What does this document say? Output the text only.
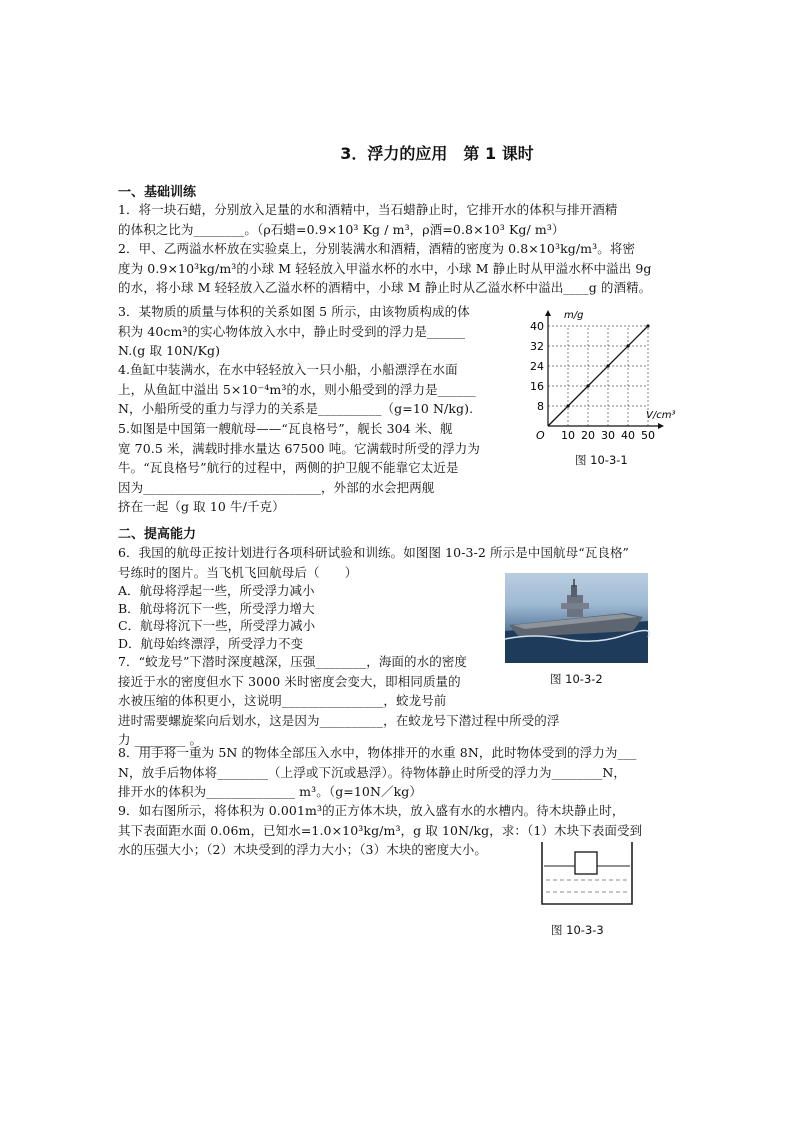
3．浮力的应用　第 1 课时
一、基础训练
1．将一块石蜡，分别放入足量的水和酒精中，当石蜡静止时，它排开水的体积与排开酒精
的体积之比为________。（ρ石蜡=0.9×10³ Kg / m³，ρ酒=0.8×10³ Kg/ m³）
2．甲、乙两溢水杯放在实验桌上，分别装满水和酒精，酒精的密度为 0.8×10³kg/m³。将密
度为 0.9×10³kg/m³的小球 M 轻轻放入甲溢水杯的水中，小球 M 静止时从甲溢水杯中溢出 9g
的水，将小球 M 轻轻放入乙溢水杯的酒精中，小球 M 静止时从乙溢水杯中溢出____g 的酒精。
3．某物质的质量与体积的关系如图 5 所示，由该物质构成的体
积为 40cm³的实心物体放入水中，静止时受到的浮力是______
N.(g 取 10N/Kg)
4.鱼缸中装满水，在水中轻轻放入一只小船，小船漂浮在水面
上，从鱼缸中溢出 5×10⁻⁴m³的水，则小船受到的浮力是______
N，小船所受的重力与浮力的关系是__________（g=10 N/kg).
5.如图是中国第一艘航母——“瓦良格号”，舰长 304 米、舰
宽 70.5 米，满载时排水量达 67500 吨。它满载时所受的浮力为
牛。“瓦良格号”航行的过程中，两侧的护卫舰不能靠它太近是
因为____________________________，外部的水会把两舰
挤在一起（g 取 10 牛/千克）
10 20 30 40 50
8
16
24
32
40
O
m/g
V/cm³
图 10-3-1
二、提高能力
6．我国的航母正按计划进行各项科研试验和训练。如图图 10-3-2 所示是中国航母“瓦良格”
号练时的图片。当飞机飞回航母后（　　）
A．航母将浮起一些，所受浮力减小
B．航母将沉下一些，所受浮力增大
C．航母将沉下一些，所受浮力减小
D．航母始终漂浮，所受浮力不变
图 10-3-2
7．“蛟龙号”下潜时深度越深，压强________，海面的水的密度
接近于水的密度但水下 3000 米时密度会变大，即相同质量的
水被压缩的体积更小，这说明________________，蛟龙号前
进时需要螺旋桨向后划水，这是因为__________，在蛟龙号下潜过程中所受的浮
力 ________ 。
8．用手将一重为 5N 的物体全部压入水中，物体排开的水重 8N，此时物体受到的浮力为___
N，放手后物体将________（上浮或下沉或悬浮）。待物体静止时所受的浮力为________N，
排开水的体积为______________ m³。（g=10N／kg）
9．如右图所示，将体积为 0.001m³的正方体木块，放入盛有水的水槽内。待木块静止时，
其下表面距水面 0.06m，已知水=1.0×10³kg/m³，g 取 10N/kg，求：（1）木块下表面受到
水的压强大小；（2）木块受到的浮力大小；（3）木块的密度大小。
图 10-3-3
